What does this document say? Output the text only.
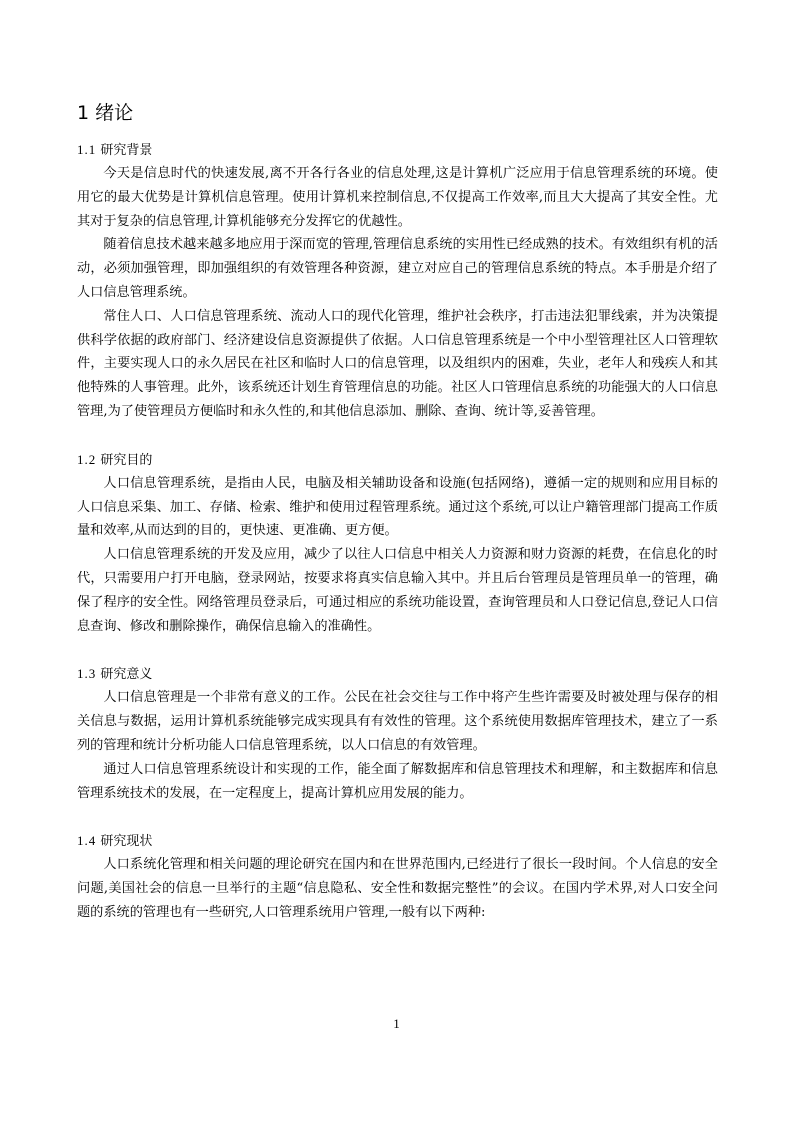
1 绪论
1.1 研究背景

今天是信息时代的快速发展,离不开各行各业的信息处理,这是计算机广泛应用于信息管理系统的环境。使用它的最大优势是计算机信息管理。使用计算机来控制信息,不仅提高工作效率,而且大大提高了其安全性。尤其对于复杂的信息管理,计算机能够充分发挥它的优越性。

随着信息技术越来越多地应用于深而宽的管理,管理信息系统的实用性已经成熟的技术。有效组织有机的活动，必须加强管理，即加强组织的有效管理各种资源，建立对应自己的管理信息系统的特点。本手册是介绍了人口信息管理系统。

常住人口、人口信息管理系统、流动人口的现代化管理，维护社会秩序，打击违法犯罪线索，并为决策提供科学依据的政府部门、经济建设信息资源提供了依据。人口信息管理系统是一个中小型管理社区人口管理软件，主要实现人口的永久居民在社区和临时人口的信息管理，以及组织内的困难，失业，老年人和残疾人和其他特殊的人事管理。此外，该系统还计划生育管理信息的功能。社区人口管理信息系统的功能强大的人口信息管理,为了使管理员方便临时和永久性的,和其他信息添加、删除、查询、统计等,妥善管理。

1.2 研究目的

人口信息管理系统，是指由人民，电脑及相关辅助设备和设施(包括网络)，遵循一定的规则和应用目标的人口信息采集、加工、存储、检索、维护和使用过程管理系统。通过这个系统,可以让户籍管理部门提高工作质量和效率,从而达到的目的，更快速、更准确、更方便。

人口信息管理系统的开发及应用，减少了以往人口信息中相关人力资源和财力资源的耗费，在信息化的时代，只需要用户打开电脑，登录网站，按要求将真实信息输入其中。并且后台管理员是管理员单一的管理，确保了程序的安全性。网络管理员登录后，可通过相应的系统功能设置，查询管理员和人口登记信息,登记人口信息查询、修改和删除操作，确保信息输入的准确性。

1.3 研究意义

人口信息管理是一个非常有意义的工作。公民在社会交往与工作中将产生些许需要及时被处理与保存的相关信息与数据，运用计算机系统能够完成实现具有有效性的管理。这个系统使用数据库管理技术，建立了一系列的管理和统计分析功能人口信息管理系统，以人口信息的有效管理。

通过人口信息管理系统设计和实现的工作，能全面了解数据库和信息管理技术和理解，和主数据库和信息管理系统技术的发展，在一定程度上，提高计算机应用发展的能力。

1.4 研究现状

人口系统化管理和相关问题的理论研究在国内和在世界范围内,已经进行了很长一段时间。个人信息的安全问题,美国社会的信息一旦举行的主题“信息隐私、安全性和数据完整性”的会议。在国内学术界,对人口安全问题的系统的管理也有一些研究,人口管理系统用户管理,一般有以下两种:

1
